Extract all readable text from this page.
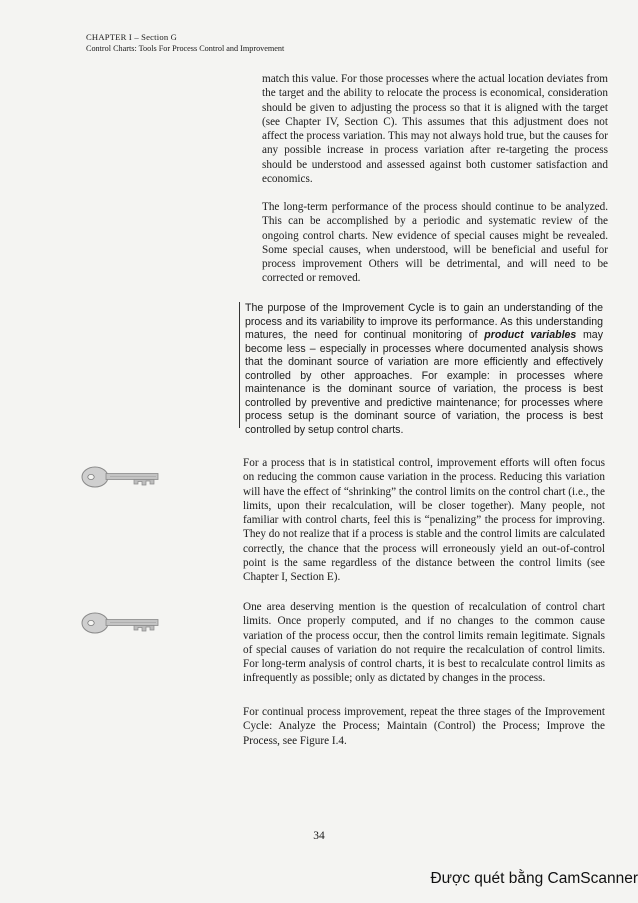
CHAPTER I – Section G
Control Charts: Tools For Process Control and Improvement

match this value. For those processes where the actual location deviates from the target and the ability to relocate the process is economical, consideration should be given to adjusting the process so that it is aligned with the target (see Chapter IV, Section C). This assumes that this adjustment does not affect the process variation. This may not always hold true, but the causes for any possible increase in process variation after re-targeting the process should be understood and assessed against both customer satisfaction and economics.

The long-term performance of the process should continue to be analyzed. This can be accomplished by a periodic and systematic review of the ongoing control charts. New evidence of special causes might be revealed. Some special causes, when understood, will be beneficial and useful for process improvement Others will be detrimental, and will need to be corrected or removed.

The purpose of the Improvement Cycle is to gain an understanding of the process and its variability to improve its performance. As this understanding matures, the need for continual monitoring of product variables may become less – especially in processes where documented analysis shows that the dominant source of variation are more efficiently and effectively controlled by other approaches. For example: in processes where maintenance is the dominant source of variation, the process is best controlled by preventive and predictive maintenance; for processes where process setup is the dominant source of variation, the process is best controlled by setup control charts.

For a process that is in statistical control, improvement efforts will often focus on reducing the common cause variation in the process. Reducing this variation will have the effect of “shrinking” the control limits on the control chart (i.e., the limits, upon their recalculation, will be closer together). Many people, not familiar with control charts, feel this is “penalizing” the process for improving. They do not realize that if a process is stable and the control limits are calculated correctly, the chance that the process will erroneously yield an out-of-control point is the same regardless of the distance between the control limits (see Chapter I, Section E).

One area deserving mention is the question of recalculation of control chart limits. Once properly computed, and if no changes to the common cause variation of the process occur, then the control limits remain legitimate. Signals of special causes of variation do not require the recalculation of control limits. For long-term analysis of control charts, it is best to recalculate control limits as infrequently as possible; only as dictated by changes in the process.

For continual process improvement, repeat the three stages of the Improvement Cycle: Analyze the Process; Maintain (Control) the Process; Improve the Process, see Figure I.4.

34
Được quét bằng CamScanner
